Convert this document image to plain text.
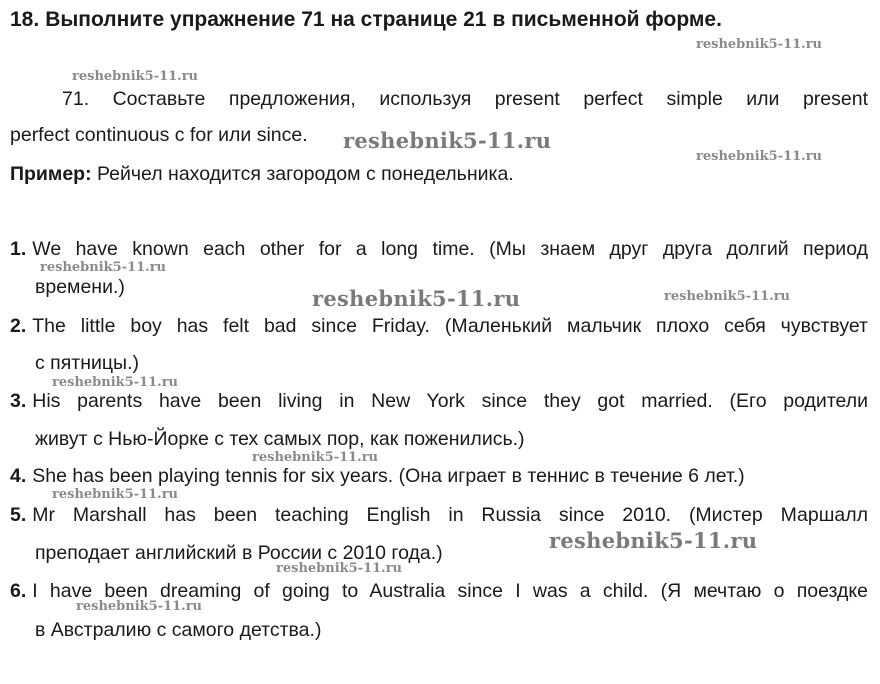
18. Выполните упражнение 71 на странице 21 в письменной форме.
71. Составьте предложения, используя present perfect simple или present
perfect continuous с for или since.
Пример: Рейчел находится загородом с понедельника.
1. We have known each other for a long time. (Мы знаем друг друга долгий период
времени.)
2. The little boy has felt bad since Friday. (Маленький мальчик плохо себя чувствует
с пятницы.)
3. His parents have been living in New York since they got married. (Его родители
живут с Нью-Йорке с тех самых пор, как поженились.)
4. She has been playing tennis for six years. (Она играет в теннис в течение 6 лет.)
5. Mr Marshall has been teaching English in Russia since 2010. (Мистер Маршалл
преподает английский в России с 2010 года.)
6. I have been dreaming of going to Australia since I was a child. (Я мечтаю о поездке
в Австралию с самого детства.)
reshebnik5-11.ru
reshebnik5-11.ru
reshebnik5-11.ru
reshebnik5-11.ru
reshebnik5-11.ru
reshebnik5-11.ru	reshebnik5-11.ru
reshebnik5-11.ru
reshebnik5-11.ru
reshebnik5-11.ru
reshebnik5-11.ru
reshebnik5-11.ru
reshebnik5-11.ru
